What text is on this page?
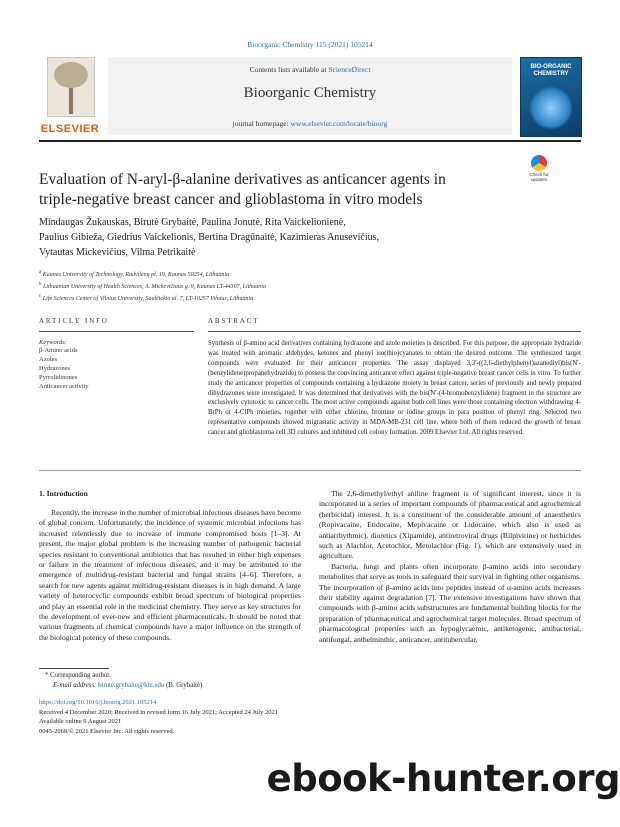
Bioorganic Chemistry 115 (2021) 105214
ELSEVIER
Contents lists available at ScienceDirect
Bioorganic Chemistry
journal homepage: www.elsevier.com/locate/bioorg
BIO-ORGANIC CHEMISTRY
Check for updates
Evaluation of N-aryl-β-alanine derivatives as anticancer agents in
triple-negative breast cancer and glioblastoma in vitro models
Mindaugas Žukauskas, Birutė Grybaitė, Paulina Jonutė, Rita Vaickelionienė,
Paulius Gibieža, Giedrius Vaickelionis, Bertina Dragūnaitė, Kazimieras Anusevičius,
Vytautas Mickevičius, Vilma Petrikaitė
$^a$ Kaunas University of Technology, Radvilėnų pl. 19, Kaunas 50254, Lithuania
$^b$ Lithuanian University of Health Sciences, A. Mickevičiaus g. 9, Kaunas LT-44307, Lithuania
$^c$ Life Sciences Center of Vilnius University, Saulėtekio al. 7, LT-10257 Vilnius, Lithuania
ARTICLE INFO	ABSTRACT
Keywords:
β-Amino acids
Azoles
Hydrazones
Pyrrolidinones
Anticancer activity
Synthesis of β-amino acid derivatives containing hydrazone and azole moieties is described. For this purpose, the appropriate hydrazide was treated with aromatic aldehydes, ketones and phenyl iso(thio)cyanates to obtain the desired outcome. The synthesized target compounds were evaluated for their anticancer properties. The assay displayed 3,3′-((2,6-diethylphenyl)azanediyl)bis(N′-(benzylidene)propanehydrazide) to possess the convincing anticancer effect against triple-negative breast cancer cells in vitro. To further study the anticancer properties of compounds containing a hydrazone moiety in breast cancer, series of previously and newly prepared dihydrazones were investigated. It was determined that derivatives with the bis(N′-(4-bromobenzylidene) fragment in the structure are exclusively cytotoxic to cancer cells. The most active compounds against both cell lines were those containing electron withdrawing 4-BrPh or 4-ClPh moieties, together with either chlorine, bromine or iodine groups in para position of phenyl ring. Selected two representative compounds showed migrastatic activity in MDA-MB-231 cell line, where both of them reduced the growth of breast cancer and glioblastoma cell 3D cultures and inhibited cell colony formation. 2009 Elsevier Ltd. All rights reserved.
1. Introduction

Recently, the increase in the number of microbial infectious diseases have become of global concern. Unfortunately, the incidence of systemic microbial infections has increased relentlessly due to increase of immune compromised hosts [1–3]. At present, the major global problem is the increasing number of pathogenic bacterial species resistant to conventional antibiotics that has resulted in either high expenses or failure in the treatment of infectious diseases, and it may be attributed to the emergence of multidrug-resistant bacterial and fungal strains [4–6]. Therefore, a search for new agents against multidrug-resistant diseases is in high demand. A large variety of heterocyclic compounds exhibit broad spectrum of biological properties and play an essential role in the medicinal chemistry. They serve as key structures for the development of ever-new and efficient pharmaceuticals. It should be noted that various fragments of chemical compounds have a major influence on the strength of the biological potency of these compounds.

The 2,6-dimethyl/ethyl aniline fragment is of significant interest, since it is incorporated in a series of important compounds of pharmaceutical and agrochemical (herbicidal) interest. It is a constituent of the considerable amount of anaesthetics (Ropivacaine, Etidocaine, Mepivacaine or Lidocaine, which also is used as antiarrhythmic), diuretics (Xipamide), antiretroviral drugs (Rilpivirine) or herbicides such as Alachlor, Acetochlor, Metolachlor (Fig. 1), which are extensively used in agriculture.

Bacteria, fungi and plants often incorporate β-amino acids into secondary metabolites that serve as tools to safeguard their survival in fighting other organisms. The incorporation of β-amino acids into peptides instead of α-amino acids increases their stability against degradation [7]. The extensive investigations have shown that compounds with β-amino acids substructures are fundamental building blocks for the preparation of pharmaceutical and agrochemical target molecules. Broad spectrum of pharmacological properties such as hypoglycaemic, antiketogenic, antibacterial, antifungal, anthelminthic, anticancer, antitubercular,

* Corresponding author.
E-mail address: birute.grybaite@ktu.edu (B. Grybaitė).
https://doi.org/10.1016/j.bioorg.2021.105214
Received 4 December 2020; Received in revised form 16 July 2021; Accepted 24 July 2021
Available online 9 August 2021
0045-2068/© 2021 Elsevier Inc. All rights reserved.
ebook-hunter.org
